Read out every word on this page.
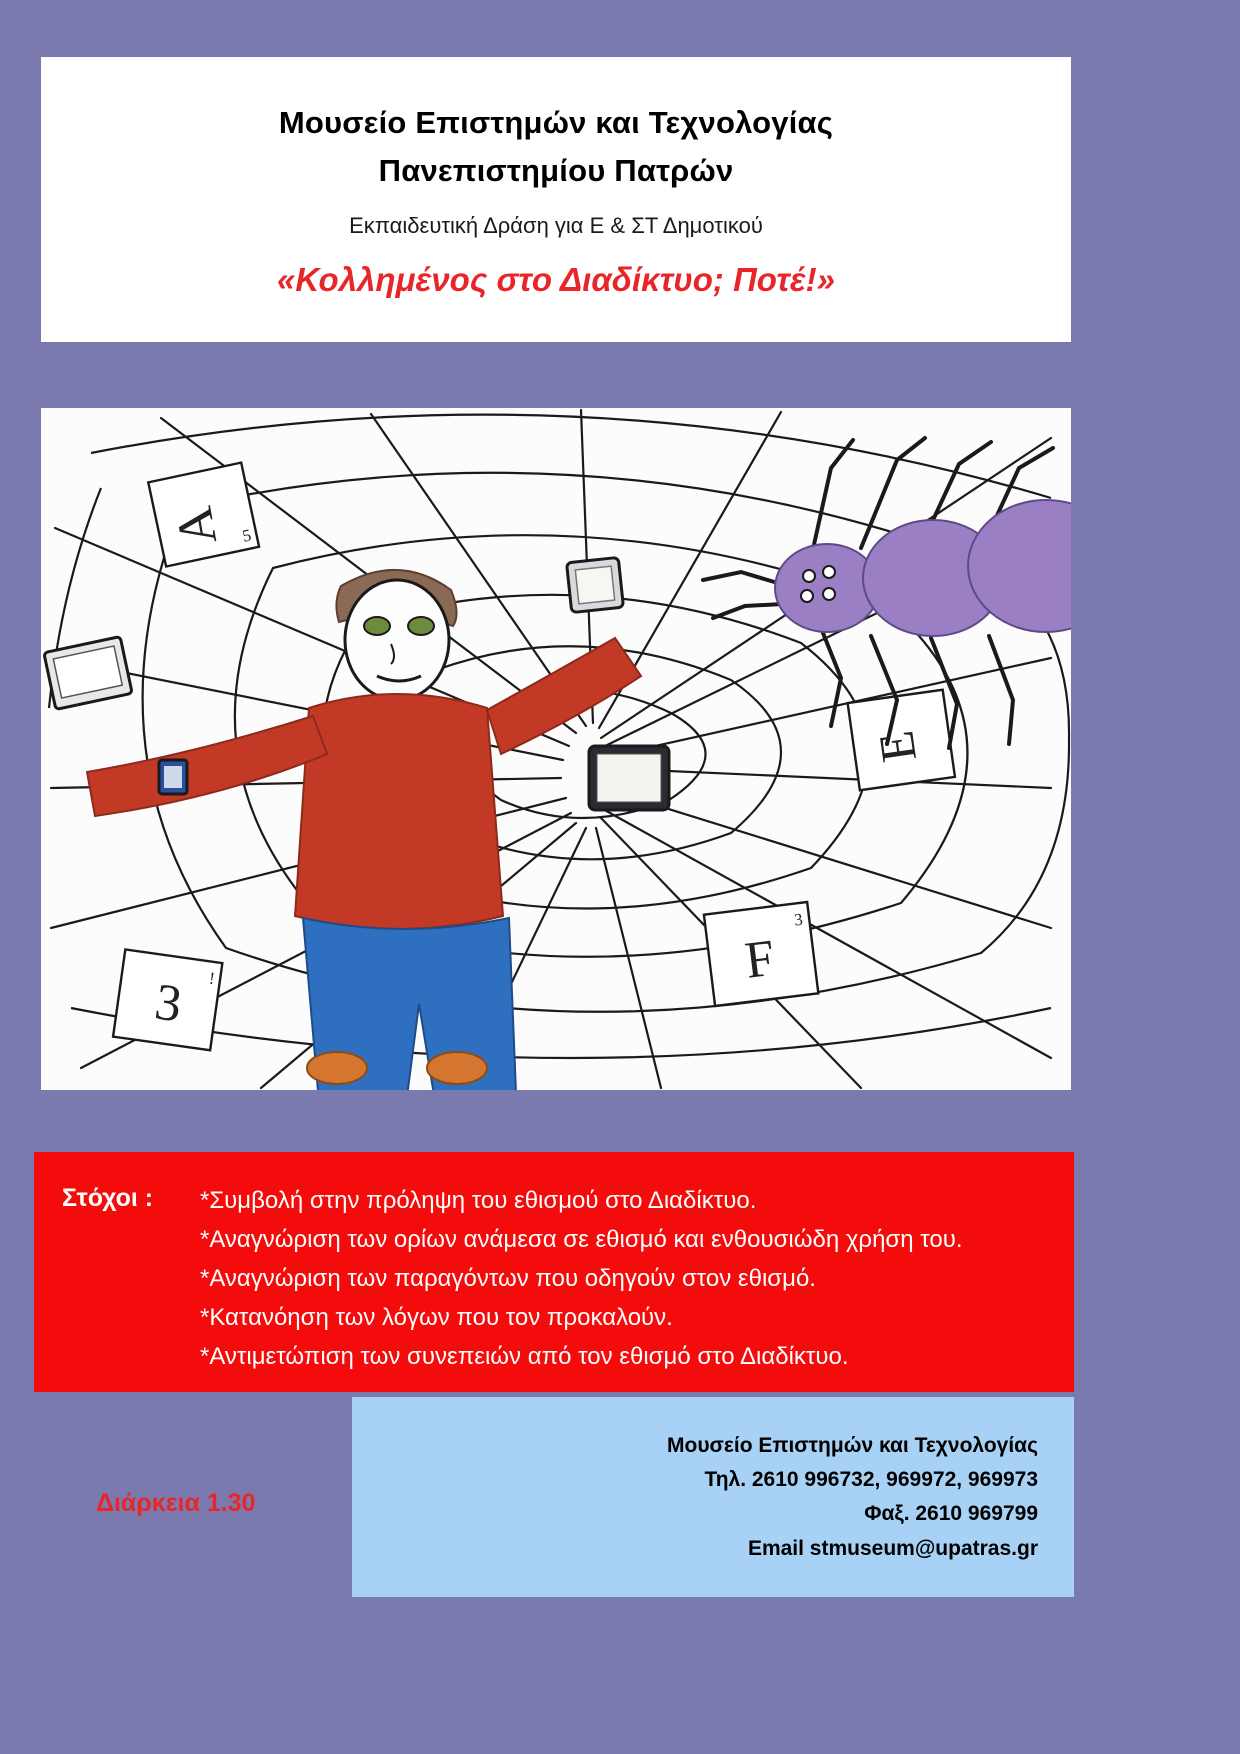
Μουσείο Επιστημών και Τεχνολογίας
Πανεπιστημίου Πατρών
Εκπαιδευτική Δράση για Ε & ΣΤ Δημοτικού
«Κολλημένος στο Διαδίκτυο; Ποτέ!»
A 5
3 !
E
F
3
Στόχοι :	*Συμβολή στην πρόληψη του εθισμού στο Διαδίκτυο.
*Αναγνώριση των ορίων ανάμεσα σε εθισμό και ενθουσιώδη χρήση του.
*Αναγνώριση των παραγόντων που οδηγούν στον εθισμό.
*Κατανόηση των λόγων που τον προκαλούν.
*Αντιμετώπιση των συνεπειών από τον εθισμό στο Διαδίκτυο.
Μουσείο Επιστημών και Τεχνολογίας
Τηλ. 2610 996732, 969972, 969973
Φαξ. 2610 969799
Email stmuseum@upatras.gr
Διάρκεια 1.30
